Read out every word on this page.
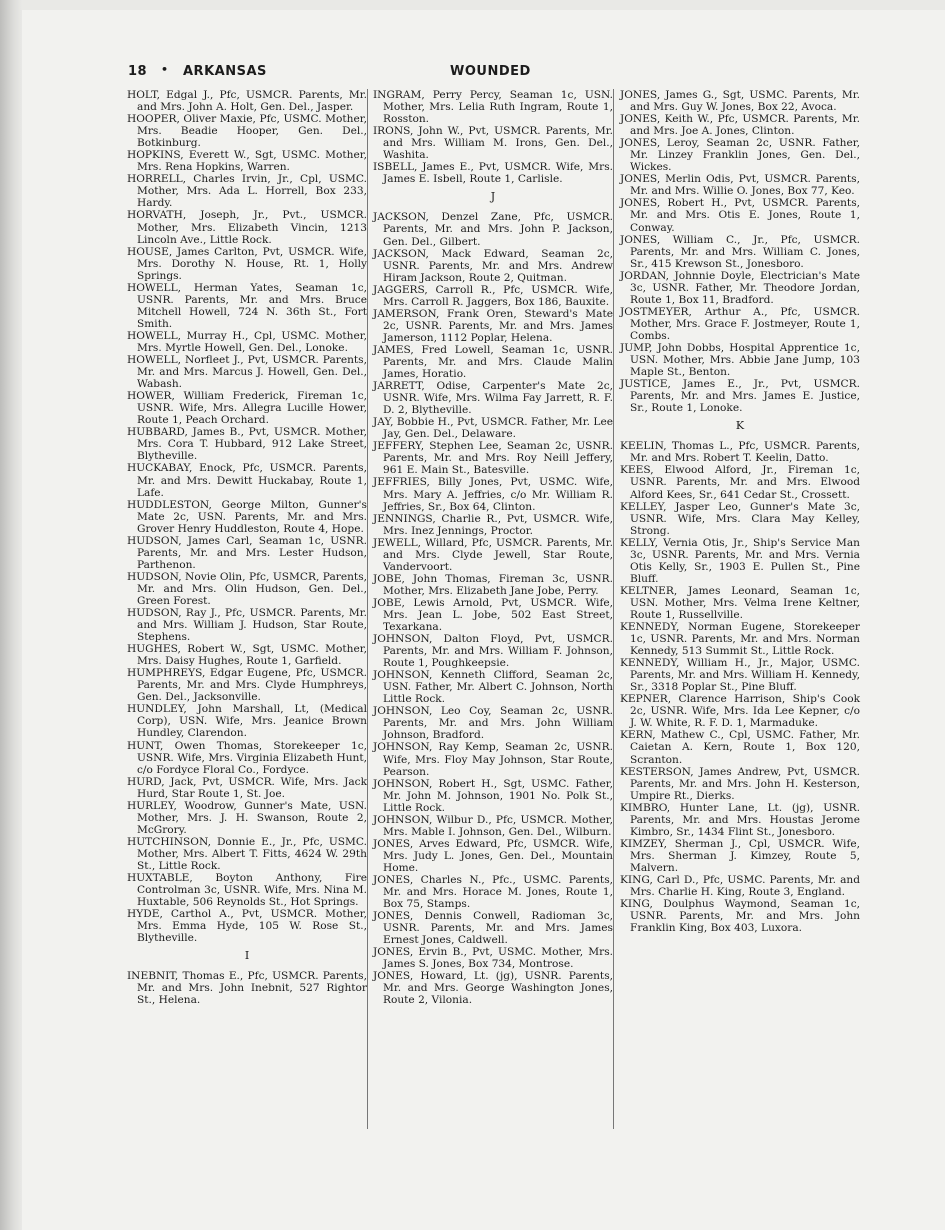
18 • ARKANSAS	WOUNDED

HOLT, Edgal J., Pfc, USMCR. Parents, Mr. and Mrs. John A. Holt, Gen. Del., Jasper.

HOOPER, Oliver Maxie, Pfc, USMC. Mother, Mrs. Beadie Hooper, Gen. Del., Botkinburg.

HOPKINS, Everett W., Sgt, USMC. Mother, Mrs. Rena Hopkins, Warren.

HORRELL, Charles Irvin, Jr., Cpl, USMC. Mother, Mrs. Ada L. Horrell, Box 233, Hardy.

HORVATH, Joseph, Jr., Pvt., USMCR. Mother, Mrs. Elizabeth Vincin, 1213 Lincoln Ave., Little Rock.

HOUSE, James Carlton, Pvt, USMCR. Wife, Mrs. Dorothy N. House, Rt. 1, Holly Springs.

HOWELL, Herman Yates, Seaman 1c, USNR. Parents, Mr. and Mrs. Bruce Mitchell Howell, 724 N. 36th St., Fort Smith.

HOWELL, Murray H., Cpl, USMC. Mother, Mrs. Myrtle Howell, Gen. Del., Lonoke.

HOWELL, Norfleet J., Pvt, USMCR. Parents, Mr. and Mrs. Marcus J. Howell, Gen. Del., Wabash.

HOWER, William Frederick, Fireman 1c, USNR. Wife, Mrs. Allegra Lucille Hower, Route 1, Peach Orchard.

HUBBARD, James B., Pvt, USMCR. Mother, Mrs. Cora T. Hubbard, 912 Lake Street, Blytheville.

HUCKABAY, Enock, Pfc, USMCR. Parents, Mr. and Mrs. Dewitt Huckabay, Route 1, Lafe.

HUDDLESTON, George Milton, Gunner's Mate 2c, USN. Parents, Mr. and Mrs. Grover Henry Huddleston, Route 4, Hope.

HUDSON, James Carl, Seaman 1c, USNR. Parents, Mr. and Mrs. Lester Hudson, Parthenon.

HUDSON, Novie Olin, Pfc, USMCR, Parents, Mr. and Mrs. Olin Hudson, Gen. Del., Green Forest.

HUDSON, Ray J., Pfc, USMCR. Parents, Mr. and Mrs. William J. Hudson, Star Route, Stephens.

HUGHES, Robert W., Sgt, USMC. Mother, Mrs. Daisy Hughes, Route 1, Garfield.

HUMPHREYS, Edgar Eugene, Pfc, USMCR. Parents, Mr. and Mrs. Clyde Humphreys, Gen. Del., Jacksonville.

HUNDLEY, John Marshall, Lt, (Medical Corp), USN. Wife, Mrs. Jeanice Brown Hundley, Clarendon.

HUNT, Owen Thomas, Storekeeper 1c, USNR. Wife, Mrs. Virginia Elizabeth Hunt, c/o Fordyce Floral Co., Fordyce.

HURD, Jack, Pvt, USMCR. Wife, Mrs. Jack Hurd, Star Route 1, St. Joe.

HURLEY, Woodrow, Gunner's Mate, USN. Mother, Mrs. J. H. Swanson, Route 2, McGrory.

HUTCHINSON, Donnie E., Jr., Pfc, USMC. Mother, Mrs. Albert T. Fitts, 4624 W. 29th St., Little Rock.

HUXTABLE, Boyton Anthony, Fire Controlman 3c, USNR. Wife, Mrs. Nina M. Huxtable, 506 Reynolds St., Hot Springs.

HYDE, Carthol A., Pvt, USMCR. Mother, Mrs. Emma Hyde, 105 W. Rose St., Blytheville.

I

INEBNIT, Thomas E., Pfc, USMCR. Parents, Mr. and Mrs. John Inebnit, 527 Rightor St., Helena.

INGRAM, Perry Percy, Seaman 1c, USN. Mother, Mrs. Lelia Ruth Ingram, Route 1, Rosston.

IRONS, John W., Pvt, USMCR. Parents, Mr. and Mrs. William M. Irons, Gen. Del., Washita.

ISBELL, James E., Pvt, USMCR. Wife, Mrs. James E. Isbell, Route 1, Carlisle.

J

JACKSON, Denzel Zane, Pfc, USMCR. Parents, Mr. and Mrs. John P. Jackson, Gen. Del., Gilbert.

JACKSON, Mack Edward, Seaman 2c, USNR. Parents, Mr. and Mrs. Andrew Hiram Jackson, Route 2, Quitman.

JAGGERS, Carroll R., Pfc, USMCR. Wife, Mrs. Carroll R. Jaggers, Box 186, Bauxite.

JAMERSON, Frank Oren, Steward's Mate 2c, USNR. Parents, Mr. and Mrs. James Jamerson, 1112 Poplar, Helena.

JAMES, Fred Lowell, Seaman 1c, USNR. Parents, Mr. and Mrs. Claude Malin James, Horatio.

JARRETT, Odise, Carpenter's Mate 2c, USNR. Wife, Mrs. Wilma Fay Jarrett, R. F. D. 2, Blytheville.

JAY, Bobbie H., Pvt, USMCR. Father, Mr. Lee Jay, Gen. Del., Delaware.

JEFFERY, Stephen Lee, Seaman 2c, USNR. Parents, Mr. and Mrs. Roy Neill Jeffery, 961 E. Main St., Batesville.

JEFFRIES, Billy Jones, Pvt, USMC. Wife, Mrs. Mary A. Jeffries, c/o Mr. William R. Jeffries, Sr., Box 64, Clinton.

JENNINGS, Charlie R., Pvt, USMCR. Wife, Mrs. Inez Jennings, Proctor.

JEWELL, Willard, Pfc, USMCR. Parents, Mr. and Mrs. Clyde Jewell, Star Route, Vandervoort.

JOBE, John Thomas, Fireman 3c, USNR. Mother, Mrs. Elizabeth Jane Jobe, Perry.

JOBE, Lewis Arnold, Pvt, USMCR. Wife, Mrs. Jean L. Jobe, 502 East Street, Texarkana.

JOHNSON, Dalton Floyd, Pvt, USMCR. Parents, Mr. and Mrs. William F. Johnson, Route 1, Poughkeepsie.

JOHNSON, Kenneth Clifford, Seaman 2c, USN. Father, Mr. Albert C. Johnson, North Little Rock.

JOHNSON, Leo Coy, Seaman 2c, USNR. Parents, Mr. and Mrs. John William Johnson, Bradford.

JOHNSON, Ray Kemp, Seaman 2c, USNR. Wife, Mrs. Floy May Johnson, Star Route, Pearson.

JOHNSON, Robert H., Sgt, USMC. Father, Mr. John M. Johnson, 1901 No. Polk St., Little Rock.

JOHNSON, Wilbur D., Pfc, USMCR. Mother, Mrs. Mable I. Johnson, Gen. Del., Wilburn.

JONES, Arves Edward, Pfc, USMCR. Wife, Mrs. Judy L. Jones, Gen. Del., Mountain Home.

JONES, Charles N., Pfc., USMC. Parents, Mr. and Mrs. Horace M. Jones, Route 1, Box 75, Stamps.

JONES, Dennis Conwell, Radioman 3c, USNR. Parents, Mr. and Mrs. James Ernest Jones, Caldwell.

JONES, Ervin B., Pvt, USMC. Mother, Mrs. James S. Jones, Box 734, Montrose.

JONES, Howard, Lt. (jg), USNR. Parents, Mr. and Mrs. George Washington Jones, Route 2, Vilonia.

JONES, James G., Sgt, USMC. Parents, Mr. and Mrs. Guy W. Jones, Box 22, Avoca.

JONES, Keith W., Pfc, USMCR. Parents, Mr. and Mrs. Joe A. Jones, Clinton.

JONES, Leroy, Seaman 2c, USNR. Father, Mr. Linzey Franklin Jones, Gen. Del., Wickes.

JONES, Merlin Odis, Pvt, USMCR. Parents, Mr. and Mrs. Willie O. Jones, Box 77, Keo.

JONES, Robert H., Pvt, USMCR. Parents, Mr. and Mrs. Otis E. Jones, Route 1, Conway.

JONES, William C., Jr., Pfc, USMCR. Parents, Mr. and Mrs. William C. Jones, Sr., 415 Krewson St., Jonesboro.

JORDAN, Johnnie Doyle, Electrician's Mate 3c, USNR. Father, Mr. Theodore Jordan, Route 1, Box 11, Bradford.

JOSTMEYER, Arthur A., Pfc, USMCR. Mother, Mrs. Grace F. Jostmeyer, Route 1, Combs.

JUMP, John Dobbs, Hospital Apprentice 1c, USN. Mother, Mrs. Abbie Jane Jump, 103 Maple St., Benton.

JUSTICE, James E., Jr., Pvt, USMCR. Parents, Mr. and Mrs. James E. Justice, Sr., Route 1, Lonoke.

K

KEELIN, Thomas L., Pfc, USMCR. Parents, Mr. and Mrs. Robert T. Keelin, Datto.

KEES, Elwood Alford, Jr., Fireman 1c, USNR. Parents, Mr. and Mrs. Elwood Alford Kees, Sr., 641 Cedar St., Crossett.

KELLEY, Jasper Leo, Gunner's Mate 3c, USNR. Wife, Mrs. Clara May Kelley, Strong.

KELLY, Vernia Otis, Jr., Ship's Service Man 3c, USNR. Parents, Mr. and Mrs. Vernia Otis Kelly, Sr., 1903 E. Pullen St., Pine Bluff.

KELTNER, James Leonard, Seaman 1c, USN. Mother, Mrs. Velma Irene Keltner, Route 1, Russellville.

KENNEDY, Norman Eugene, Storekeeper 1c, USNR. Parents, Mr. and Mrs. Norman Kennedy, 513 Summit St., Little Rock.

KENNEDY, William H., Jr., Major, USMC. Parents, Mr. and Mrs. William H. Kennedy, Sr., 3318 Poplar St., Pine Bluff.

KEPNER, Clarence Harrison, Ship's Cook 2c, USNR. Wife, Mrs. Ida Lee Kepner, c/o J. W. White, R. F. D. 1, Marmaduke.

KERN, Mathew C., Cpl, USMC. Father, Mr. Caietan A. Kern, Route 1, Box 120, Scranton.

KESTERSON, James Andrew, Pvt, USMCR. Parents, Mr. and Mrs. John H. Kesterson, Umpire Rt., Dierks.

KIMBRO, Hunter Lane, Lt. (jg), USNR. Parents, Mr. and Mrs. Houstas Jerome Kimbro, Sr., 1434 Flint St., Jonesboro.

KIMZEY, Sherman J., Cpl, USMCR. Wife, Mrs. Sherman J. Kimzey, Route 5, Malvern.

KING, Carl D., Pfc, USMC. Parents, Mr. and Mrs. Charlie H. King, Route 3, England.

KING, Doulphus Waymond, Seaman 1c, USNR. Parents, Mr. and Mrs. John Franklin King, Box 403, Luxora.
